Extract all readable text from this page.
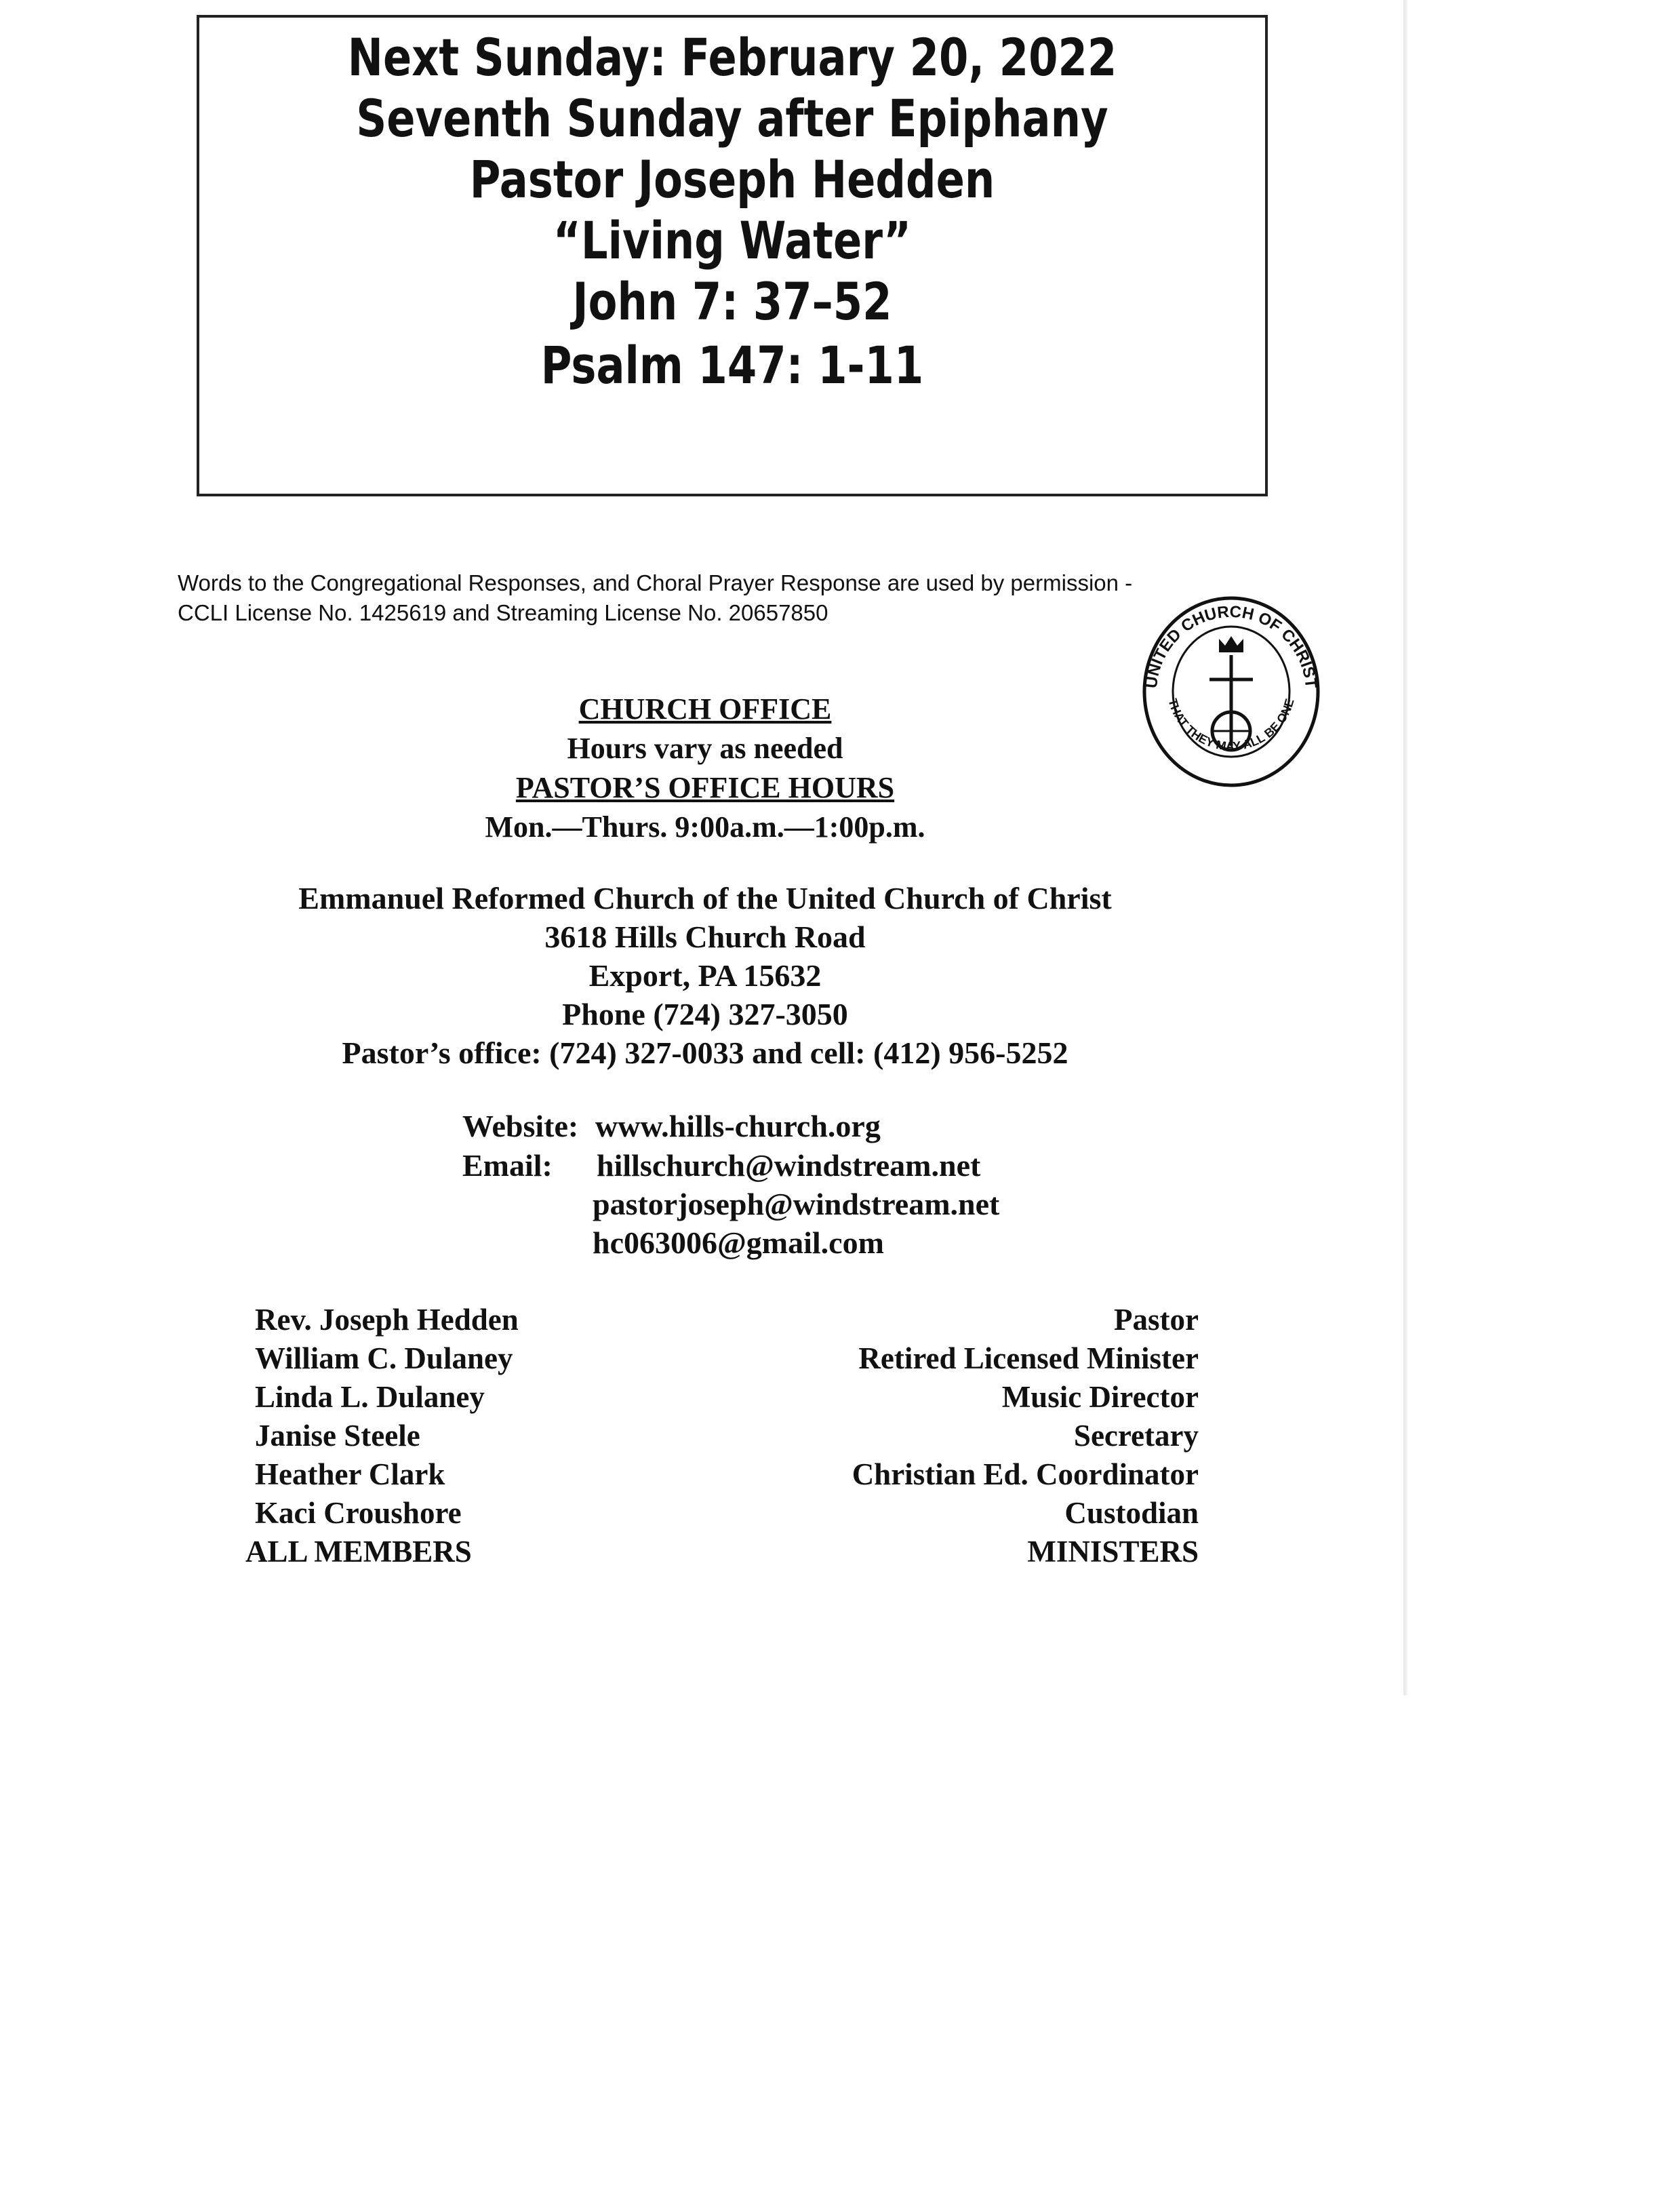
Next Sunday: February 20, 2022
Seventh Sunday after Epiphany
Pastor Joseph Hedden
“Living Water”
John 7: 37–52
Psalm 147: 1-11
Words to the Congregational Responses, and Choral Prayer Response are used by permission -
CCLI License No. 1425619 and Streaming License No. 20657850
UNITED CHURCH OF CHRIST
THAT THEY MAY ALL BE ONE
CHURCH OFFICE
Hours vary as needed
PASTOR’S OFFICE HOURS
Mon.—Thurs. 9:00a.m.—1:00p.m.
Emmanuel Reformed Church of the United Church of Christ
3618 Hills Church Road
Export, PA 15632
Phone (724) 327-3050
Pastor’s office: (724) 327-0033 and cell: (412) 956-5252
Website: www.hills-church.org
Email: hillschurch@windstream.net
pastorjoseph@windstream.net
hc063006@gmail.com
Rev. Joseph Hedden
William C. Dulaney
Linda L. Dulaney
Janise Steele
Heather Clark
Kaci Croushore
ALL MEMBERS
Pastor
Retired Licensed Minister
Music Director
Secretary
Christian Ed. Coordinator
Custodian
MINISTERS
